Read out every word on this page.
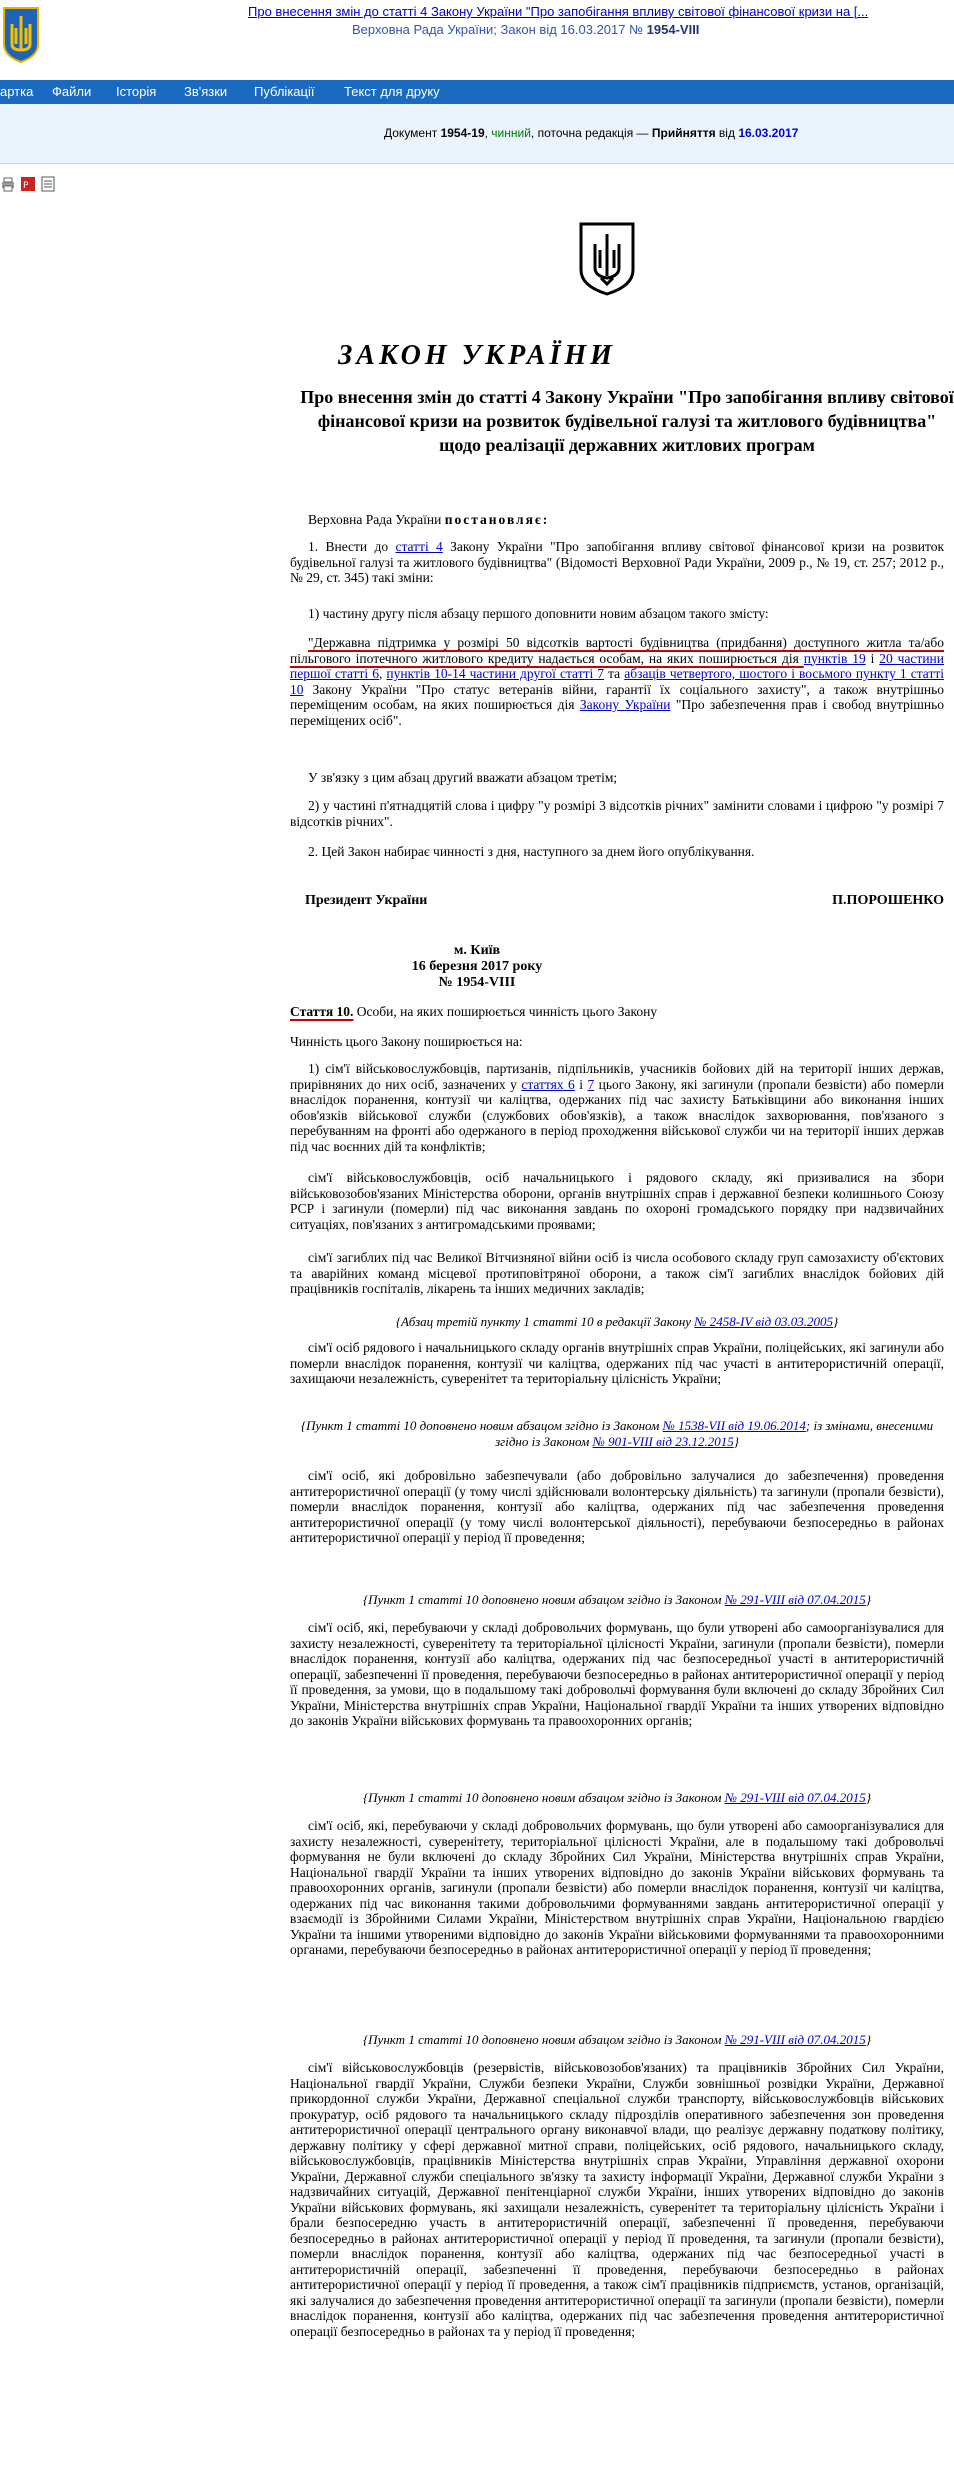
Про внесення змін до статті 4 Закону України "Про запобігання впливу світової фінансової кризи на [...
Верховна Рада України; Закон від 16.03.2017 № 1954-VIII
артка Файли Історія Зв'язки Публікації Текст для друку
Документ 1954-19, чинний, поточна редакція — Прийняття від 16.03.2017
P
ЗАКОН УКРАЇНИ
Про внесення змін до статті 4 Закону України "Про запобігання впливу світової фінансової кризи на розвиток будівельної галузі та житлового будівництва" щодо реалізації державних житлових програм

Верховна Рада України постановляє:

1. Внести до статті 4 Закону України "Про запобігання впливу світової фінансової кризи на розвиток будівельної галузі та житлового будівництва" (Відомості Верховної Ради України, 2009 р., № 19, ст. 257; 2012 р., № 29, ст. 345) такі зміни:

1) частину другу після абзацу першого доповнити новим абзацом такого змісту:

"Державна підтримка у розмірі 50 відсотків вартості будівництва (придбання) доступного житла та/або пільгового іпотечного житлового кредиту надається особам, на яких поширюється дія пунктів 19 і 20 частини першої статті 6, пунктів 10-14 частини другої статті 7 та абзаців четвертого, шостого і восьмого пункту 1 статті 10 Закону України "Про статус ветеранів війни, гарантії їх соціального захисту", а також внутрішньо переміщеним особам, на яких поширюється дія Закону України "Про забезпечення прав і свобод внутрішньо переміщених осіб".

У зв'язку з цим абзац другий вважати абзацом третім;

2) у частині п'ятнадцятій слова і цифру "у розмірі 3 відсотків річних" замінити словами і цифрою "у розмірі 7 відсотків річних".

2. Цей Закон набирає чинності з дня, наступного за днем його опублікування.

Президент України	П.ПОРОШЕНКО
м. Київ
16 березня 2017 року
№ 1954-VIII

Стаття 10. Особи, на яких поширюється чинність цього Закону

Чинність цього Закону поширюється на:

1) сім'ї військовослужбовців, партизанів, підпільників, учасників бойових дій на території інших держав, прирівняних до них осіб, зазначених у статтях 6 і 7 цього Закону, які загинули (пропали безвісти) або померли внаслідок поранення, контузії чи каліцтва, одержаних під час захисту Батьківщини або виконання інших обов'язків військової служби (службових обов'язків), а також внаслідок захворювання, пов'язаного з перебуванням на фронті або одержаного в період проходження військової служби чи на території інших держав під час воєнних дій та конфліктів;

сім'ї військовослужбовців, осіб начальницького і рядового складу, які призивалися на збори військовозобов'язаних Міністерства оборони, органів внутрішніх справ і державної безпеки колишнього Союзу РСР і загинули (померли) під час виконання завдань по охороні громадського порядку при надзвичайних ситуаціях, пов'язаних з антигромадськими проявами;

сім'ї загиблих під час Великої Вітчизняної війни осіб із числа особового складу груп самозахисту об'єктових та аварійних команд місцевої протиповітряної оборони, а також сім'ї загиблих внаслідок бойових дій працівників госпіталів, лікарень та інших медичних закладів;

{Абзац третій пункту 1 статті 10 в редакції Закону № 2458-IV від 03.03.2005}

сім'ї осіб рядового і начальницького складу органів внутрішніх справ України, поліцейських, які загинули або померли внаслідок поранення, контузії чи каліцтва, одержаних під час участі в антитерористичній операції, захищаючи незалежність, суверенітет та територіальну цілісність України;

{Пункт 1 статті 10 доповнено новим абзацом згідно із Законом № 1538-VII від 19.06.2014; із змінами, внесеними згідно із Законом № 901-VIII від 23.12.2015}

сім'ї осіб, які добровільно забезпечували (або добровільно залучалися до забезпечення) проведення антитерористичної операції (у тому числі здійснювали волонтерську діяльність) та загинули (пропали безвісти), померли внаслідок поранення, контузії або каліцтва, одержаних під час забезпечення проведення антитерористичної операції (у тому числі волонтерської діяльності), перебуваючи безпосередньо в районах антитерористичної операції у період її проведення;

{Пункт 1 статті 10 доповнено новим абзацом згідно із Законом № 291-VIII від 07.04.2015}

сім'ї осіб, які, перебуваючи у складі добровольчих формувань, що були утворені або самоорганізувалися для захисту незалежності, суверенітету та територіальної цілісності України, загинули (пропали безвісти), померли внаслідок поранення, контузії або каліцтва, одержаних під час безпосередньої участі в антитерористичній операції, забезпеченні її проведення, перебуваючи безпосередньо в районах антитерористичної операції у період її проведення, за умови, що в подальшому такі добровольчі формування були включені до складу Збройних Сил України, Міністерства внутрішніх справ України, Національної гвардії України та інших утворених відповідно до законів України військових формувань та правоохоронних органів;

{Пункт 1 статті 10 доповнено новим абзацом згідно із Законом № 291-VIII від 07.04.2015}

сім'ї осіб, які, перебуваючи у складі добровольчих формувань, що були утворені або самоорганізувалися для захисту незалежності, суверенітету, територіальної цілісності України, але в подальшому такі добровольчі формування не були включені до складу Збройних Сил України, Міністерства внутрішніх справ України, Національної гвардії України та інших утворених відповідно до законів України військових формувань та правоохоронних органів, загинули (пропали безвісти) або померли внаслідок поранення, контузії чи каліцтва, одержаних під час виконання такими добровольчими формуваннями завдань антитерористичної операції у взаємодії із Збройними Силами України, Міністерством внутрішніх справ України, Національною гвардією України та іншими утвореними відповідно до законів України військовими формуваннями та правоохоронними органами, перебуваючи безпосередньо в районах антитерористичної операції у період її проведення;

{Пункт 1 статті 10 доповнено новим абзацом згідно із Законом № 291-VIII від 07.04.2015}

сім'ї військовослужбовців (резервістів, військовозобов'язаних) та працівників Збройних Сил України, Національної гвардії України, Служби безпеки України, Служби зовнішньої розвідки України, Державної прикордонної служби України, Державної спеціальної служби транспорту, військовослужбовців військових прокуратур, осіб рядового та начальницького складу підрозділів оперативного забезпечення зон проведення антитерористичної операції центрального органу виконавчої влади, що реалізує державну податкову політику, державну політику у сфері державної митної справи, поліцейських, осіб рядового, начальницького складу, військовослужбовців, працівників Міністерства внутрішніх справ України, Управління державної охорони України, Державної служби спеціального зв'язку та захисту інформації України, Державної служби України з надзвичайних ситуацій, Державної пенітенціарної служби України, інших утворених відповідно до законів України військових формувань, які захищали незалежність, суверенітет та територіальну цілісність України і брали безпосередню участь в антитерористичній операції, забезпеченні її проведення, перебуваючи безпосередньо в районах антитерористичної операції у період її проведення, та загинули (пропали безвісти), померли внаслідок поранення, контузії або каліцтва, одержаних під час безпосередньої участі в антитерористичній операції, забезпеченні її проведення, перебуваючи безпосередньо в районах антитерористичної операції у період її проведення, а також сім'ї працівників підприємств, установ, організацій, які залучалися до забезпечення проведення антитерористичної операції та загинули (пропали безвісти), померли внаслідок поранення, контузії або каліцтва, одержаних під час забезпечення проведення антитерористичної операції безпосередньо в районах та у період її проведення;
